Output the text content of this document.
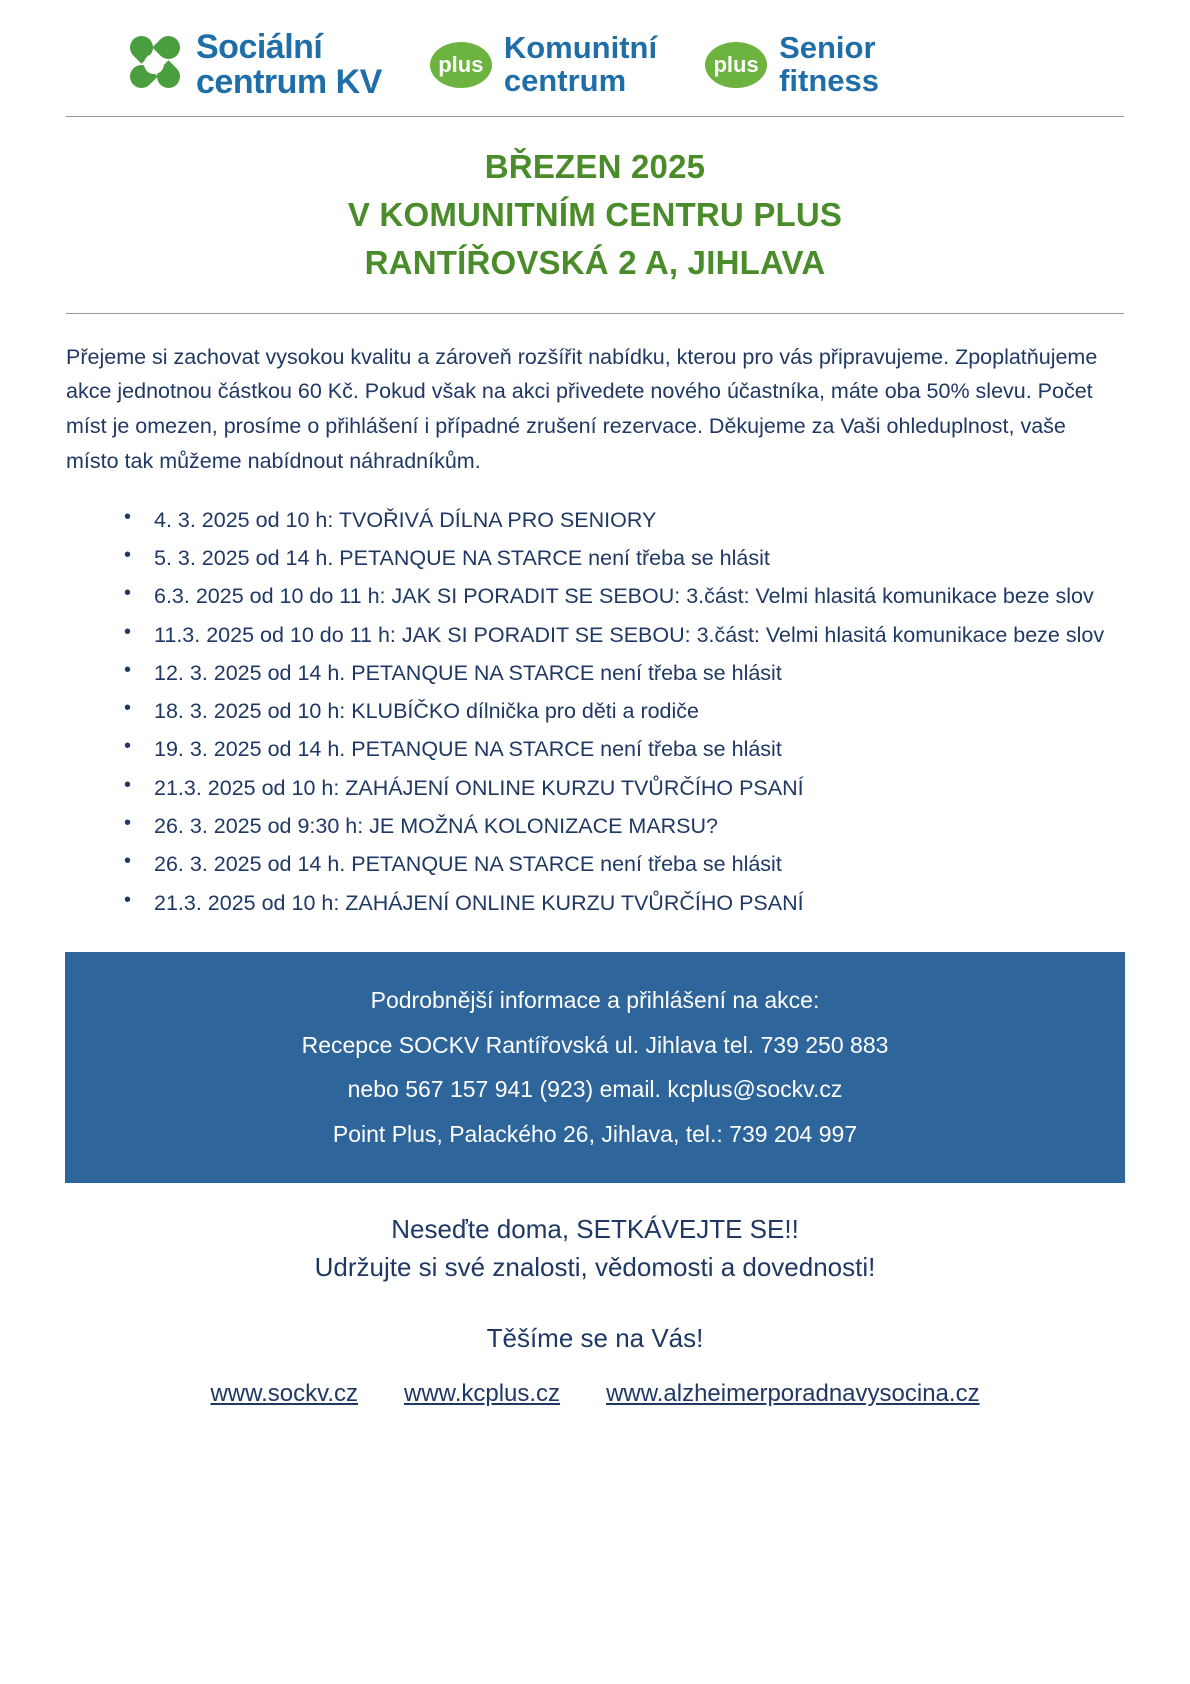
Sociální
centrum KV	plus Komunitní
centrum	plus Senior
fitness
BŘEZEN 2025
V KOMUNITNÍM CENTRU PLUS
RANTÍŘOVSKÁ 2 A, JIHLAVA

Přejeme si zachovat vysokou kvalitu a zároveň rozšířit nabídku, kterou pro vás připravujeme. Zpoplatňujeme akce jednotnou částkou 60 Kč. Pokud však na akci přivedete nového účastníka, máte oba 50% slevu. Počet míst je omezen, prosíme o přihlášení i případné zrušení rezervace. Děkujeme za Vaši ohleduplnost, vaše místo tak můžeme nabídnout náhradníkům.

• 4. 3. 2025 od 10 h: TVOŘIVÁ DÍLNA PRO SENIORY
• 5. 3. 2025 od 14 h. PETANQUE NA STARCE není třeba se hlásit
• 6.3. 2025 od 10 do 11 h: JAK SI PORADIT SE SEBOU: 3.část: Velmi hlasitá komunikace beze slov
• 11.3. 2025 od 10 do 11 h: JAK SI PORADIT SE SEBOU: 3.část: Velmi hlasitá komunikace beze slov
• 12. 3. 2025 od 14 h. PETANQUE NA STARCE není třeba se hlásit
• 18. 3. 2025 od 10 h: KLUBÍČKO dílnička pro děti a rodiče
• 19. 3. 2025 od 14 h. PETANQUE NA STARCE není třeba se hlásit
• 21.3. 2025 od 10 h: ZAHÁJENÍ ONLINE KURZU TVŮRČÍHO PSANÍ
• 26. 3. 2025 od 9:30 h: JE MOŽNÁ KOLONIZACE MARSU?
• 26. 3. 2025 od 14 h. PETANQUE NA STARCE není třeba se hlásit
• 21.3. 2025 od 10 h: ZAHÁJENÍ ONLINE KURZU TVŮRČÍHO PSANÍ
Podrobnější informace a přihlášení na akce:
Recepce SOCKV Rantířovská ul. Jihlava tel. 739 250 883
nebo 567 157 941 (923) email. kcplus@sockv.cz
Point Plus, Palackého 26, Jihlava, tel.: 739 204 997
Neseďte doma, SETKÁVEJTE SE!!
Udržujte si své znalosti, vědomosti a dovednosti!
Těšíme se na Vás!
www.sockv.cz www.kcplus.cz www.alzheimerporadnavysocina.cz
